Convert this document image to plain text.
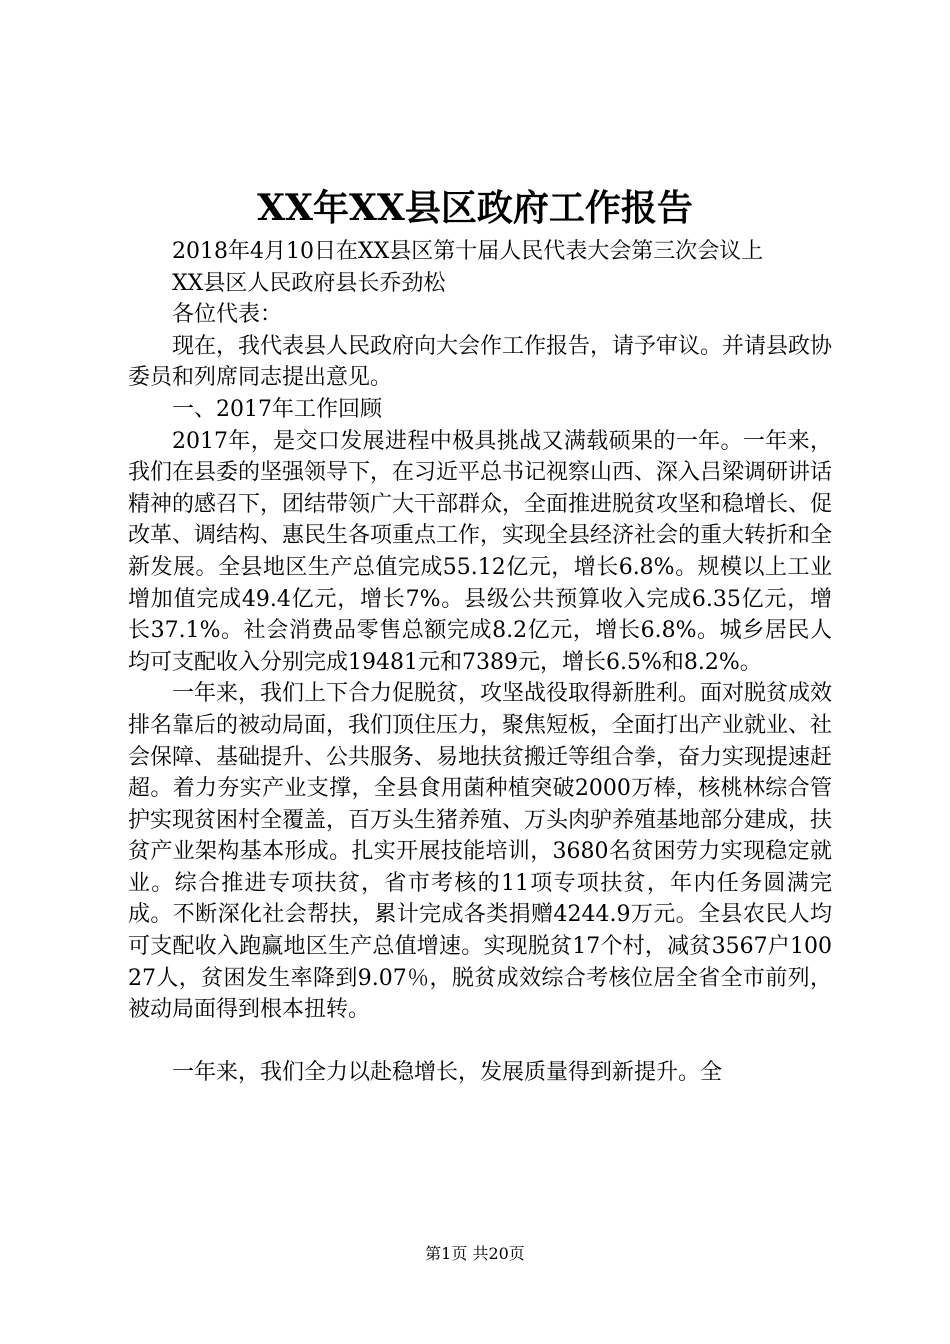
XX年XX县区政府工作报告

2018年4月10日在XX县区第十届人民代表大会第三次会议上

XX县区人民政府县长乔劲松

各位代表：

现在，我代表县人民政府向大会作工作报告，请予审议。并请县政协委员和列席同志提出意见。

一、2017年工作回顾

2017年，是交口发展进程中极具挑战又满载硕果的一年。一年来，我们在县委的坚强领导下，在习近平总书记视察山西、深入吕梁调研讲话精神的感召下，团结带领广大干部群众，全面推进脱贫攻坚和稳增长、促改革、调结构、惠民生各项重点工作，实现全县经济社会的重大转折和全新发展。全县地区生产总值完成55.12亿元，增长6.8%。规模以上工业增加值完成49.4亿元，增长7%。县级公共预算收入完成6.35亿元，增长37.1%。社会消费品零售总额完成8.2亿元，增长6.8%。城乡居民人均可支配收入分别完成19481元和7389元，增长6.5%和8.2%。

一年来，我们上下合力促脱贫，攻坚战役取得新胜利。面对脱贫成效排名靠后的被动局面，我们顶住压力，聚焦短板，全面打出产业就业、社会保障、基础提升、公共服务、易地扶贫搬迁等组合拳，奋力实现提速赶超。着力夯实产业支撑，全县食用菌种植突破2000万棒，核桃林综合管护实现贫困村全覆盖，百万头生猪养殖、万头肉驴养殖基地部分建成，扶贫产业架构基本形成。扎实开展技能培训，3680名贫困劳力实现稳定就业。综合推进专项扶贫，省市考核的11项专项扶贫，年内任务圆满完成。不断深化社会帮扶，累计完成各类捐赠4244.9万元。全县农民人均可支配收入跑赢地区生产总值增速。实现脱贫17个村，减贫3567户10027人，贫困发生率降到9.07％，脱贫成效综合考核位居全省全市前列，被动局面得到根本扭转。

一年来，我们全力以赴稳增长，发展质量得到新提升。全

第1页 共20页
